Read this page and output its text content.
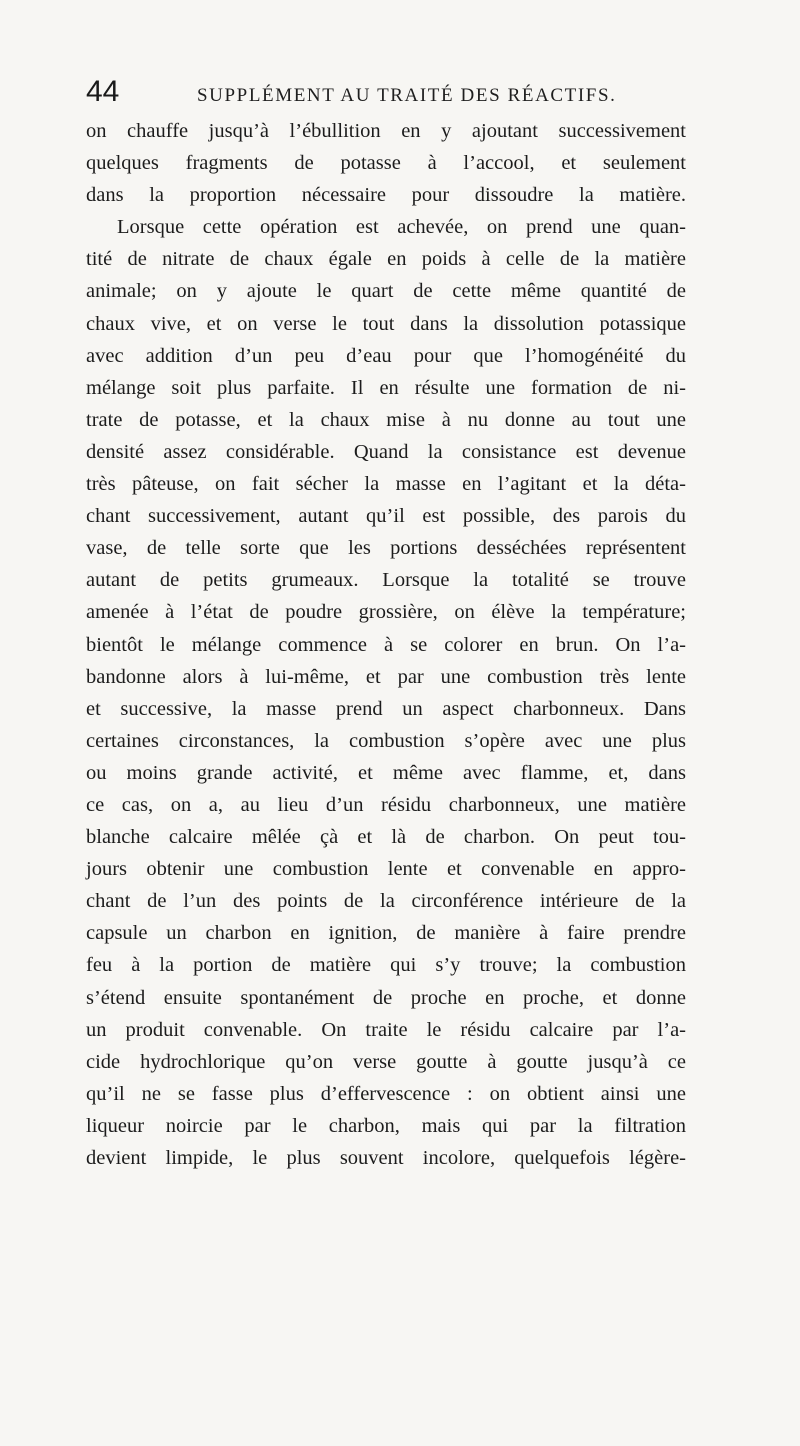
44	SUPPLÉMENT AU TRAITÉ DES RÉACTIFS.
on chauffe jusqu’à l’ébullition en y ajoutant successivement
quelques fragments de potasse à l’accool, et seulement
dans la proportion nécessaire pour dissoudre la matière.
Lorsque cette opération est achevée, on prend une quan-
tité de nitrate de chaux égale en poids à celle de la matière
animale; on y ajoute le quart de cette même quantité de
chaux vive, et on verse le tout dans la dissolution potassique
avec addition d’un peu d’eau pour que l’homogénéité du
mélange soit plus parfaite. Il en résulte une formation de ni-
trate de potasse, et la chaux mise à nu donne au tout une
densité assez considérable. Quand la consistance est devenue
très pâteuse, on fait sécher la masse en l’agitant et la déta-
chant successivement, autant qu’il est possible, des parois du
vase, de telle sorte que les portions desséchées représentent
autant de petits grumeaux. Lorsque la totalité se trouve
amenée à l’état de poudre grossière, on élève la température;
bientôt le mélange commence à se colorer en brun. On l’a-
bandonne alors à lui-même, et par une combustion très lente
et successive, la masse prend un aspect charbonneux. Dans
certaines circonstances, la combustion s’opère avec une plus
ou moins grande activité, et même avec flamme, et, dans
ce cas, on a, au lieu d’un résidu charbonneux, une matière
blanche calcaire mêlée çà et là de charbon. On peut tou-
jours obtenir une combustion lente et convenable en appro-
chant de l’un des points de la circonférence intérieure de la
capsule un charbon en ignition, de manière à faire prendre
feu à la portion de matière qui s’y trouve; la combustion
s’étend ensuite spontanément de proche en proche, et donne
un produit convenable. On traite le résidu calcaire par l’a-
cide hydrochlorique qu’on verse goutte à goutte jusqu’à ce
qu’il ne se fasse plus d’effervescence : on obtient ainsi une
liqueur noircie par le charbon, mais qui par la filtration
devient limpide, le plus souvent incolore, quelquefois légère-
